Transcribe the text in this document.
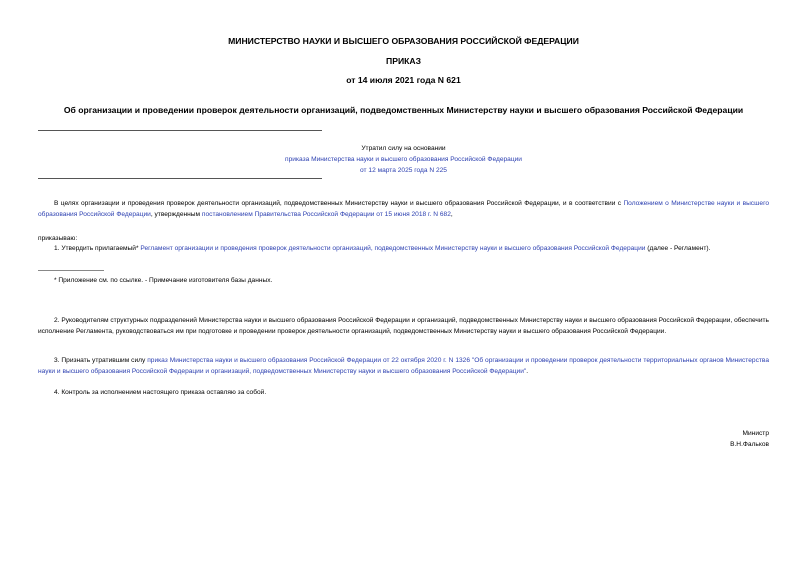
МИНИСТЕРСТВО НАУКИ И ВЫСШЕГО ОБРАЗОВАНИЯ РОССИЙСКОЙ ФЕДЕРАЦИИ
ПРИКАЗ
от 14 июля 2021 года N 621
Об организации и проведении проверок деятельности организаций, подведомственных Министерству науки и высшего образования Российской Федерации
Утратил силу на основании
приказа Министерства науки и высшего образования Российской Федерации
от 12 марта 2025 года N 225
В целях организации и проведения проверок деятельности организаций, подведомственных Министерству науки и высшего образования Российской Федерации, и в соответствии с Положением о Министерстве науки и высшего образования Российской Федерации, утвержденным постановлением Правительства Российской Федерации от 15 июня 2018 г. N 682,
приказываю:
1. Утвердить прилагаемый* Регламент организации и проведения проверок деятельности организаций, подведомственных Министерству науки и высшего образования Российской Федерации (далее - Регламент).
* Приложение см. по ссылке. - Примечание изготовителя базы данных.
2. Руководителям структурных подразделений Министерства науки и высшего образования Российской Федерации и организаций, подведомственных Министерству науки и высшего образования Российской Федерации, обеспечить исполнение Регламента, руководствоваться им при подготовке и проведении проверок деятельности организаций, подведомственных Министерству науки и высшего образования Российской Федерации.
3. Признать утратившим силу приказ Министерства науки и высшего образования Российской Федерации от 22 октября 2020 г. N 1326 "Об организации и проведении проверок деятельности территориальных органов Министерства науки и высшего образования Российской Федерации и организаций, подведомственных Министерству науки и высшего образования Российской Федерации".
4. Контроль за исполнением настоящего приказа оставляю за собой.
Министр
В.Н.Фальков
